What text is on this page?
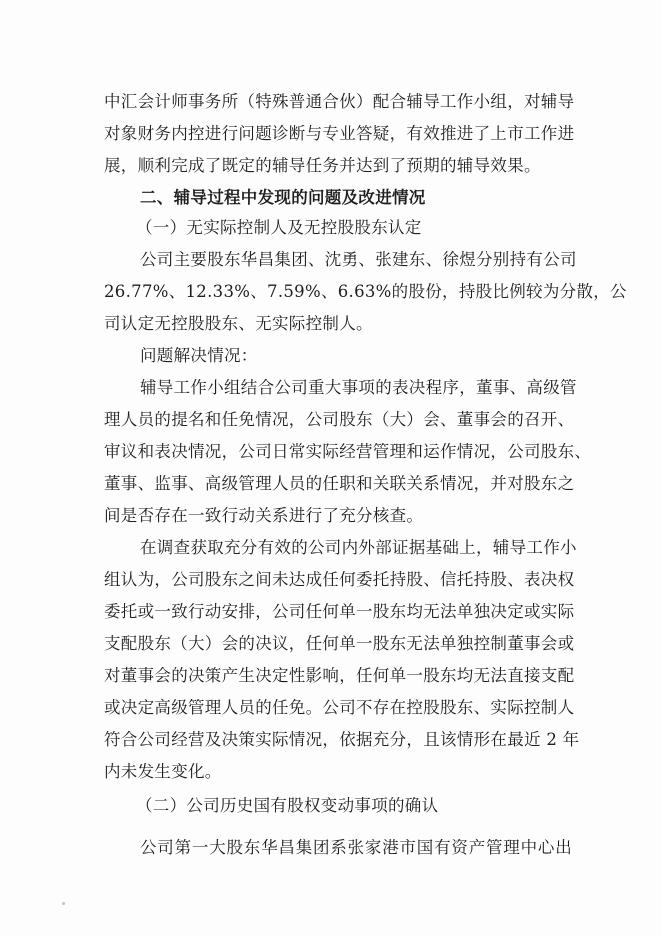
中汇会计师事务所（特殊普通合伙）配合辅导工作小组，对辅导
对象财务内控进行问题诊断与专业答疑，有效推进了上市工作进
展，顺利完成了既定的辅导任务并达到了预期的辅导效果。
二、辅导过程中发现的问题及改进情况
（一）无实际控制人及无控股股东认定
公司主要股东华昌集团、沈勇、张建东、徐煜分别持有公司
26.77%、12.33%、7.59%、6.63%的股份，持股比例较为分散，公
司认定无控股股东、无实际控制人。
问题解决情况：
辅导工作小组结合公司重大事项的表决程序，董事、高级管
理人员的提名和任免情况，公司股东（大）会、董事会的召开、
审议和表决情况，公司日常实际经营管理和运作情况，公司股东、
董事、监事、高级管理人员的任职和关联关系情况，并对股东之
间是否存在一致行动关系进行了充分核查。
在调查获取充分有效的公司内外部证据基础上，辅导工作小
组认为，公司股东之间未达成任何委托持股、信托持股、表决权
委托或一致行动安排，公司任何单一股东均无法单独决定或实际
支配股东（大）会的决议，任何单一股东无法单独控制董事会或
对董事会的决策产生决定性影响，任何单一股东均无法直接支配
或决定高级管理人员的任免。公司不存在控股股东、实际控制人
符合公司经营及决策实际情况，依据充分，且该情形在最近 2 年
内未发生变化。
（二）公司历史国有股权变动事项的确认
公司第一大股东华昌集团系张家港市国有资产管理中心出
